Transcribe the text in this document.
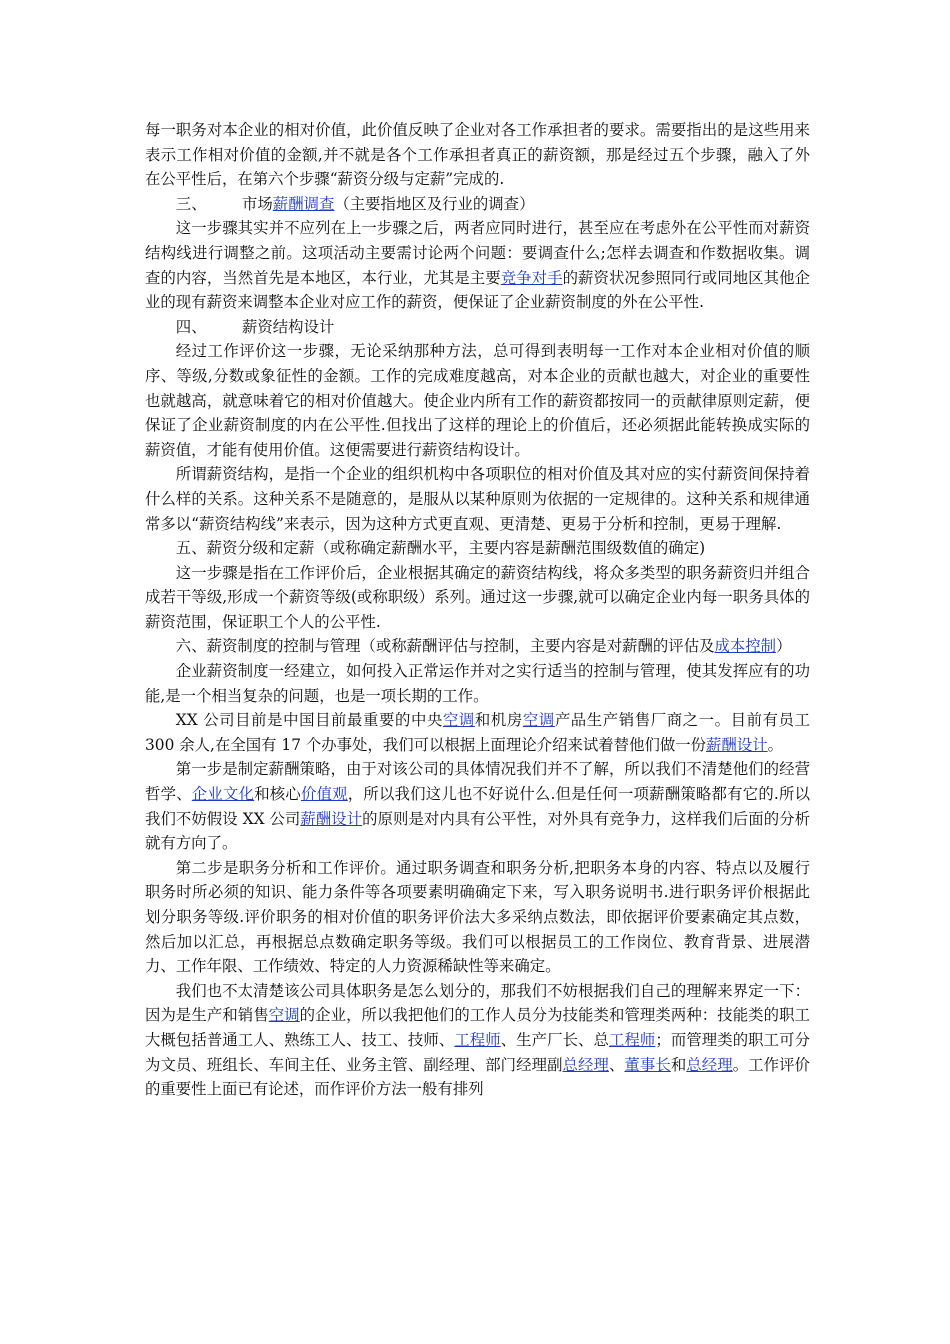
每一职务对本企业的相对价值，此价值反映了企业对各工作承担者的要求。需要指出的是这些用来表示工作相对价值的金额,并不就是各个工作承担者真正的薪资额，那是经过五个步骤，融入了外在公平性后，在第六个步骤“薪资分级与定薪”完成的.

三、 市场薪酬调查（主要指地区及行业的调查）

这一步骤其实并不应列在上一步骤之后，两者应同时进行，甚至应在考虑外在公平性而对薪资结构线进行调整之前。这项活动主要需讨论两个问题：要调查什么;怎样去调查和作数据收集。调查的内容，当然首先是本地区，本行业，尤其是主要竞争对手的薪资状况参照同行或同地区其他企业的现有薪资来调整本企业对应工作的薪资，便保证了企业薪资制度的外在公平性.

四、 薪资结构设计

经过工作评价这一步骤，无论采纳那种方法，总可得到表明每一工作对本企业相对价值的顺序、等级,分数或象征性的金额。工作的完成难度越高，对本企业的贡献也越大，对企业的重要性也就越高，就意味着它的相对价值越大。使企业内所有工作的薪资都按同一的贡献律原则定薪，便保证了企业薪资制度的内在公平性.但找出了这样的理论上的价值后，还必须据此能转换成实际的薪资值，才能有使用价值。这便需要进行薪资结构设计。

所谓薪资结构，是指一个企业的组织机构中各项职位的相对价值及其对应的实付薪资间保持着什么样的关系。这种关系不是随意的，是服从以某种原则为依据的一定规律的。这种关系和规律通常多以“薪资结构线”来表示，因为这种方式更直观、更清楚、更易于分析和控制，更易于理解.

五、薪资分级和定薪（或称确定薪酬水平，主要内容是薪酬范围级数值的确定)

这一步骤是指在工作评价后，企业根据其确定的薪资结构线，将众多类型的职务薪资归并组合成若干等级,形成一个薪资等级(或称职级）系列。通过这一步骤,就可以确定企业内每一职务具体的薪资范围，保证职工个人的公平性.

六、薪资制度的控制与管理（或称薪酬评估与控制，主要内容是对薪酬的评估及成本控制）

企业薪资制度一经建立，如何投入正常运作并对之实行适当的控制与管理，使其发挥应有的功能,是一个相当复杂的问题，也是一项长期的工作。

XX 公司目前是中国目前最重要的中央空调和机房空调产品生产销售厂商之一。目前有员工 300 余人,在全国有 17 个办事处，我们可以根据上面理论介绍来试着替他们做一份薪酬设计。

第一步是制定薪酬策略，由于对该公司的具体情况我们并不了解，所以我们不清楚他们的经营哲学、企业文化和核心价值观，所以我们这儿也不好说什么.但是任何一项薪酬策略都有它的.所以我们不妨假设 XX 公司薪酬设计的原则是对内具有公平性，对外具有竞争力，这样我们后面的分析就有方向了。

第二步是职务分析和工作评价。通过职务调查和职务分析,把职务本身的内容、特点以及履行职务时所必须的知识、能力条件等各项要素明确确定下来，写入职务说明书.进行职务评价根据此划分职务等级.评价职务的相对价值的职务评价法大多采纳点数法，即依据评价要素确定其点数，然后加以汇总，再根据总点数确定职务等级。我们可以根据员工的工作岗位、教育背景、进展潜力、工作年限、工作绩效、特定的人力资源稀缺性等来确定。

我们也不太清楚该公司具体职务是怎么划分的，那我们不妨根据我们自己的理解来界定一下：因为是生产和销售空调的企业，所以我把他们的工作人员分为技能类和管理类两种：技能类的职工大概包括普通工人、熟练工人、技工、技师、工程师、生产厂长、总工程师；而管理类的职工可分为文员、班组长、车间主任、业务主管、副经理、部门经理副总经理、董事长和总经理。工作评价的重要性上面已有论述，而作评价方法一般有排列
